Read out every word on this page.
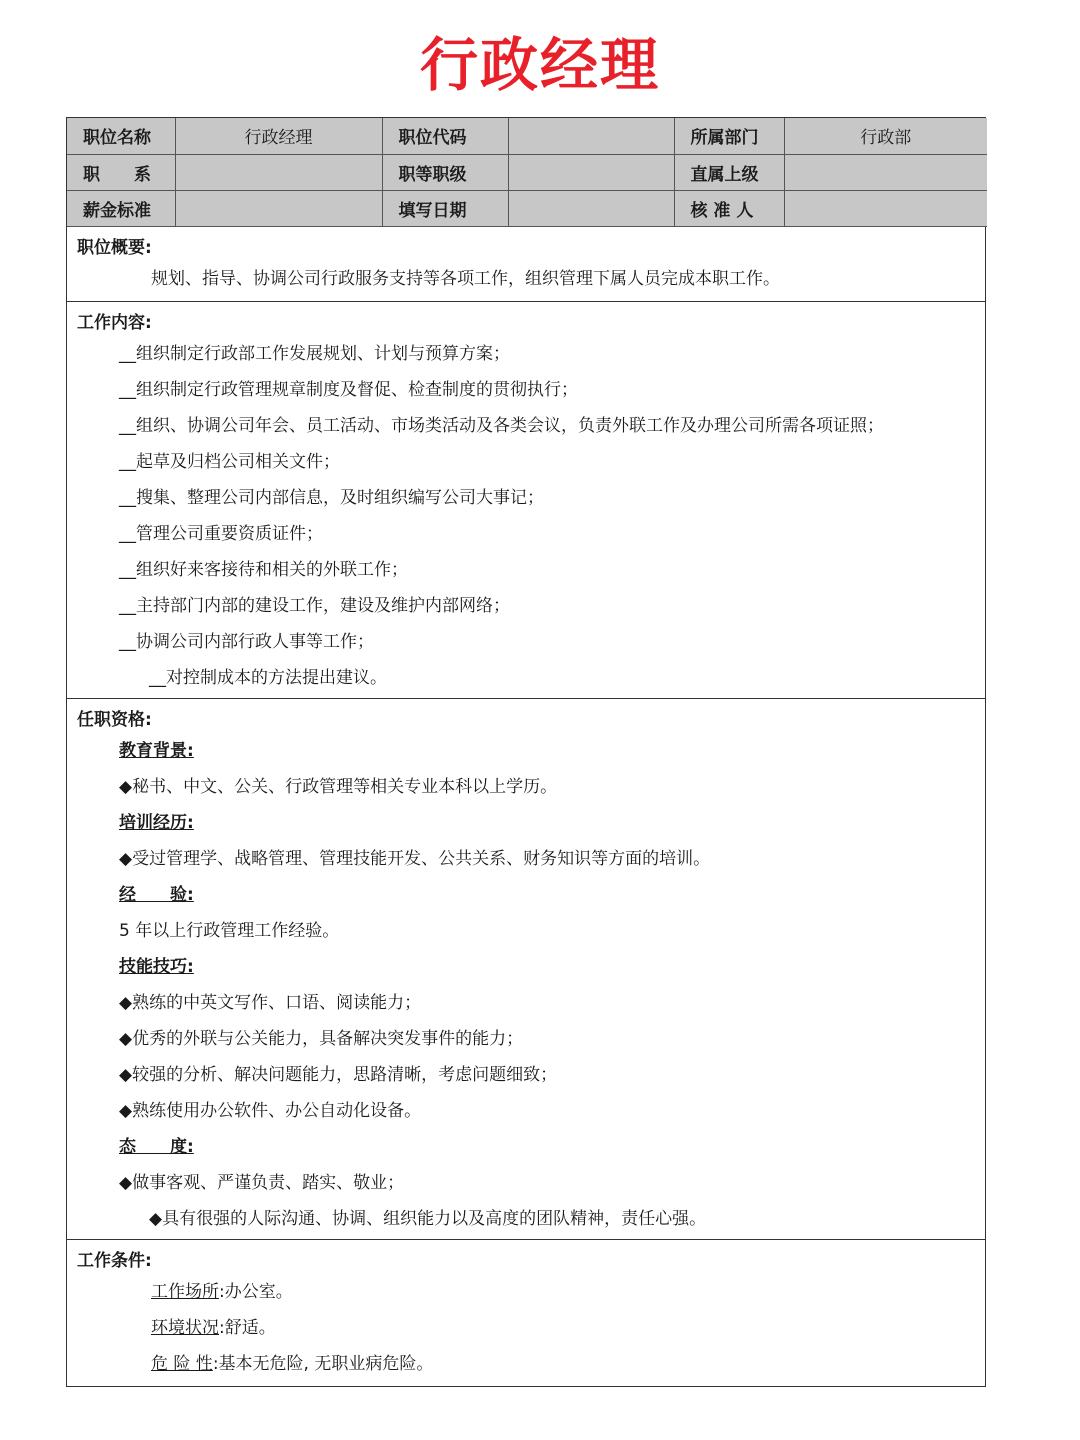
行政经理
职位名称	行政经理	职位代码		所属部门	行政部
职　　系		职等职级		直属上级	
薪金标准		填写日期		核 准 人	
职位概要:
规划、指导、协调公司行政服务支持等各项工作，组织管理下属人员完成本职工作。
工作内容:
__组织制定行政部工作发展规划、计划与预算方案；
__组织制定行政管理规章制度及督促、检查制度的贯彻执行；
__组织、协调公司年会、员工活动、市场类活动及各类会议，负责外联工作及办理公司所需各项证照；
__起草及归档公司相关文件；
__搜集、整理公司内部信息，及时组织编写公司大事记；
__管理公司重要资质证件；
__组织好来客接待和相关的外联工作；
__主持部门内部的建设工作，建设及维护内部网络；
__协调公司内部行政人事等工作；
__对控制成本的方法提出建议。
任职资格:
教育背景:
◆秘书、中文、公关、行政管理等相关专业本科以上学历。
培训经历:
◆受过管理学、战略管理、管理技能开发、公共关系、财务知识等方面的培训。
经　　验:
5 年以上行政管理工作经验。
技能技巧:
◆熟练的中英文写作、口语、阅读能力；
◆优秀的外联与公关能力，具备解决突发事件的能力；
◆较强的分析、解决问题能力，思路清晰，考虑问题细致；
◆熟练使用办公软件、办公自动化设备。
态　　度:
◆做事客观、严谨负责、踏实、敬业；
◆具有很强的人际沟通、协调、组织能力以及高度的团队精神，责任心强。
工作条件:
工作场所:办公室。
环境状况:舒适。
危 险 性:基本无危险, 无职业病危险。
